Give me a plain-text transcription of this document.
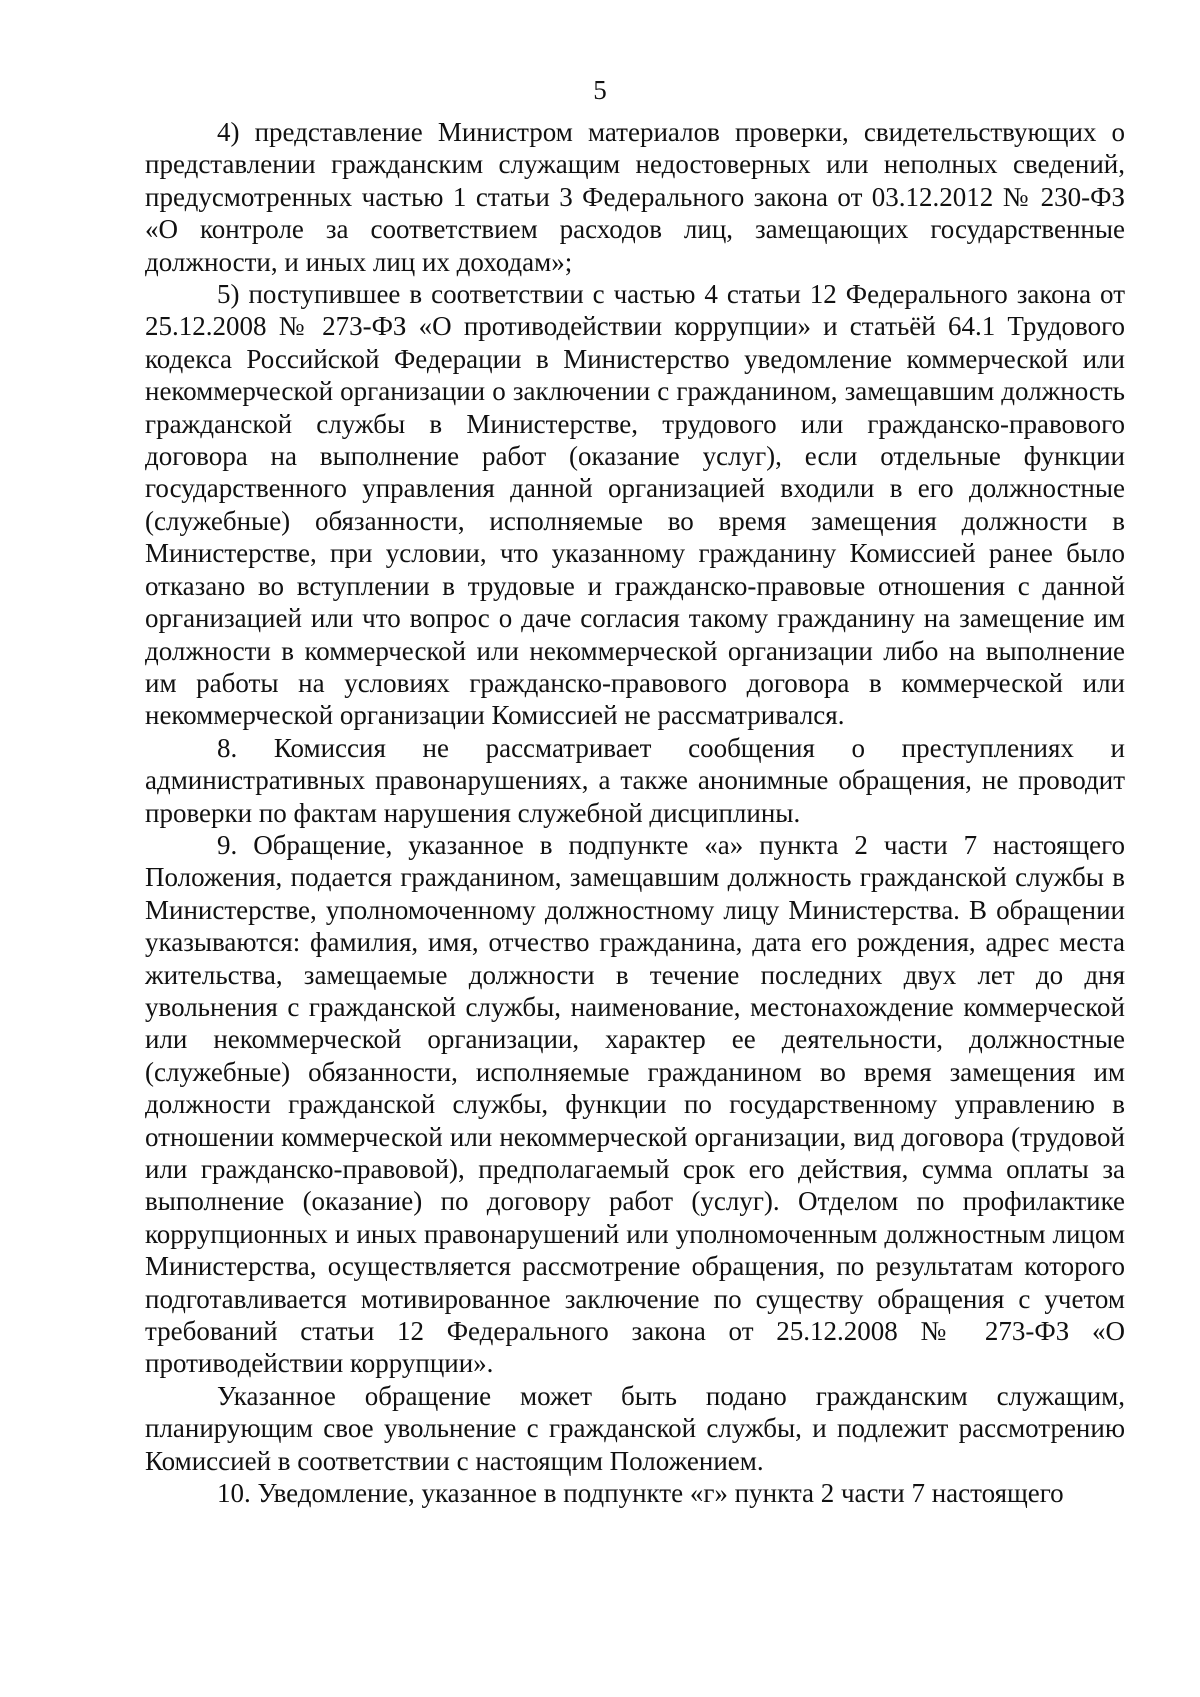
5

4) представление Министром материалов проверки, свидетельствующих о представлении гражданским служащим недостоверных или неполных сведений, предусмотренных частью 1 статьи 3 Федерального закона от 03.12.2012 № 230-ФЗ «О контроле за соответствием расходов лиц, замещающих государственные должности, и иных лиц их доходам»;

5) поступившее в соответствии с частью 4 статьи 12 Федерального закона от 25.12.2008 № 273-ФЗ «О противодействии коррупции» и статьёй 64.1 Трудового кодекса Российской Федерации в Министерство уведомление коммерческой или некоммерческой организации о заключении с гражданином, замещавшим должность гражданской службы в Министерстве, трудового или гражданско-правового договора на выполнение работ (оказание услуг), если отдельные функции государственного управления данной организацией входили в его должностные (служебные) обязанности, исполняемые во время замещения должности в Министерстве, при условии, что указанному гражданину Комиссией ранее было отказано во вступлении в трудовые и гражданско-правовые отношения с данной организацией или что вопрос о даче согласия такому гражданину на замещение им должности в коммерческой или некоммерческой организации либо на выполнение им работы на условиях гражданско-правового договора в коммерческой или некоммерческой организации Комиссией не рассматривался.

8. Комиссия не рассматривает сообщения о преступлениях и административных правонарушениях, а также анонимные обращения, не проводит проверки по фактам нарушения служебной дисциплины.

9. Обращение, указанное в подпункте «а» пункта 2 части 7 настоящего Положения, подается гражданином, замещавшим должность гражданской службы в Министерстве, уполномоченному должностному лицу Министерства. В обращении указываются: фамилия, имя, отчество гражданина, дата его рождения, адрес места жительства, замещаемые должности в течение последних двух лет до дня увольнения с гражданской службы, наименование, местонахождение коммерческой или некоммерческой организации, характер ее деятельности, должностные (служебные) обязанности, исполняемые гражданином во время замещения им должности гражданской службы, функции по государственному управлению в отношении коммерческой или некоммерческой организации, вид договора (трудовой или гражданско-правовой), предполагаемый срок его действия, сумма оплаты за выполнение (оказание) по договору работ (услуг). Отделом по профилактике коррупционных и иных правонарушений или уполномоченным должностным лицом Министерства, осуществляется рассмотрение обращения, по результатам которого подготавливается мотивированное заключение по существу обращения с учетом требований статьи 12 Федерального закона от 25.12.2008 № 273-ФЗ «О противодействии коррупции».

Указанное обращение может быть подано гражданским служащим, планирующим свое увольнение с гражданской службы, и подлежит рассмотрению Комиссией в соответствии с настоящим Положением.

10. Уведомление, указанное в подпункте «г» пункта 2 части 7 настоящего
